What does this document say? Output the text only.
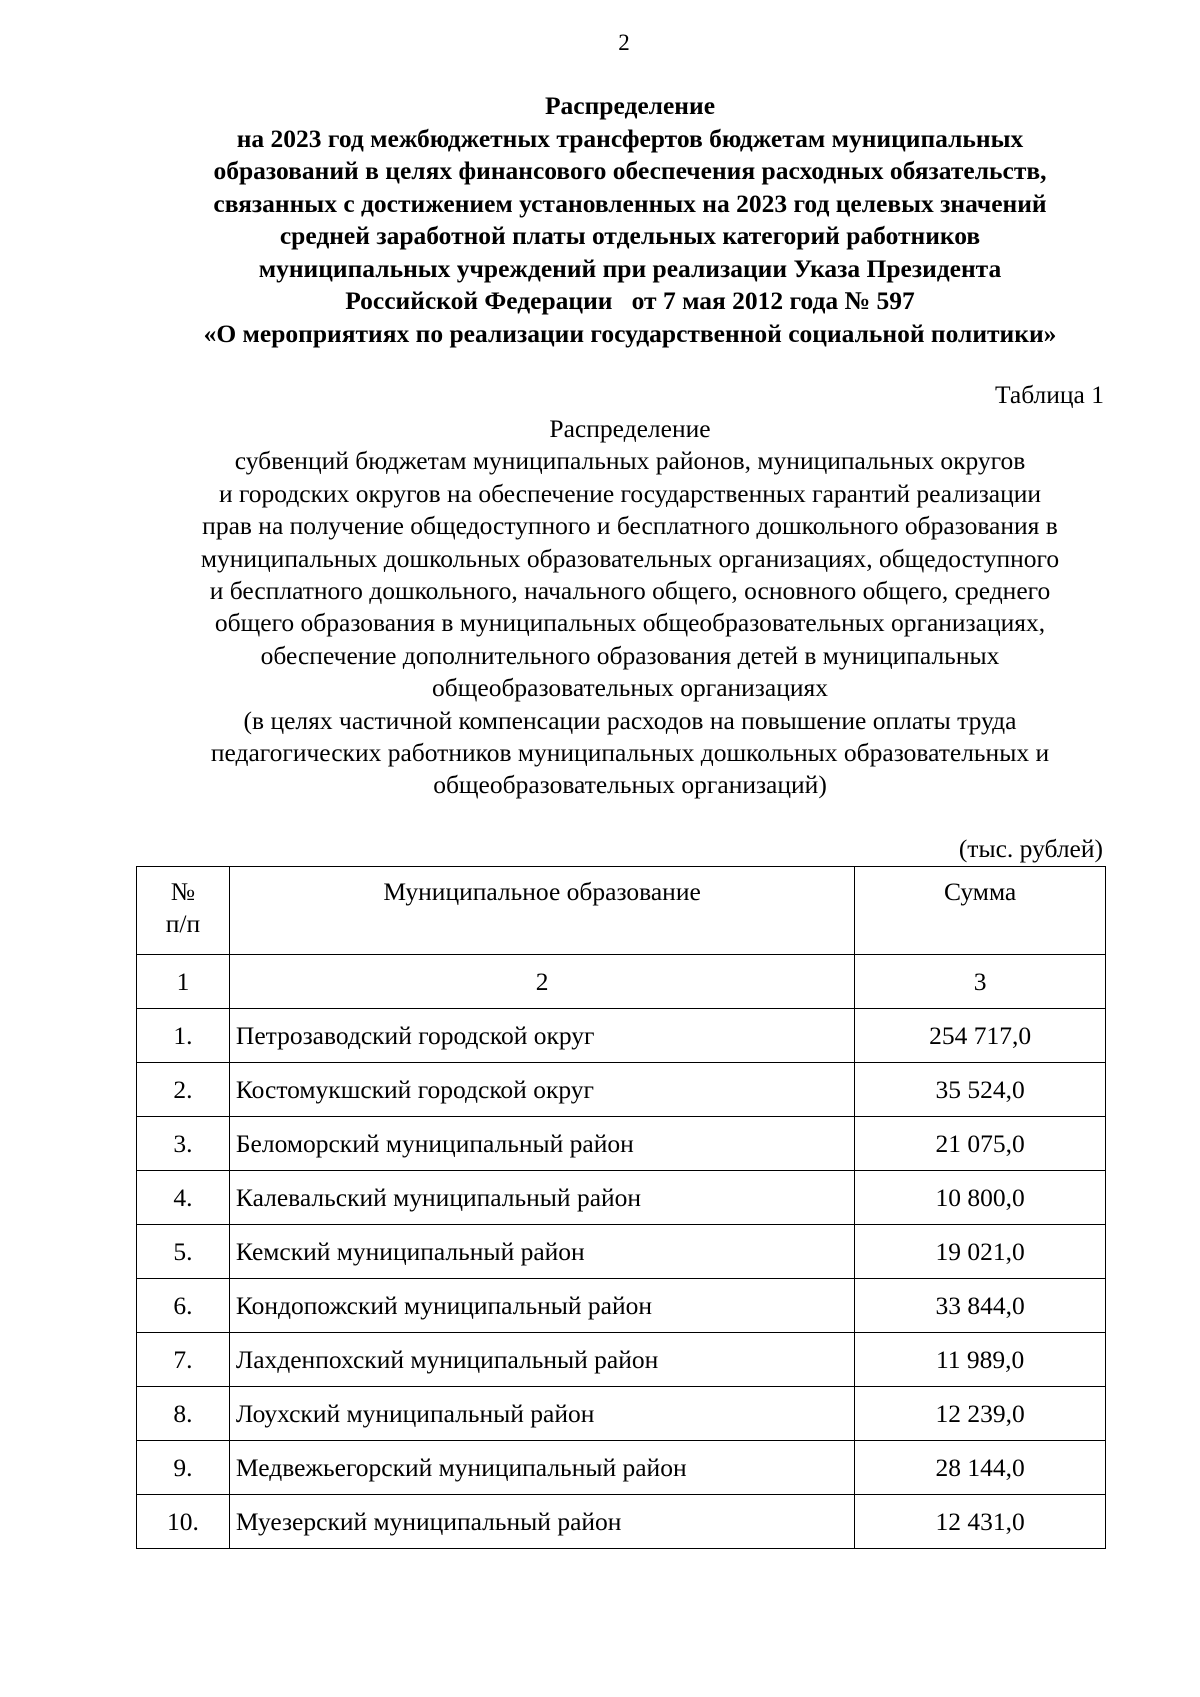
2
Распределение
на 2023 год межбюджетных трансфертов бюджетам муниципальных
образований в целях финансового обеспечения расходных обязательств,
связанных с достижением установленных на 2023 год целевых значений
средней заработной платы отдельных категорий работников
муниципальных учреждений при реализации Указа Президента
Российской Федерации   от 7 мая 2012 года № 597
«О мероприятиях по реализации государственной социальной политики»
Таблица 1
Распределение
субвенций бюджетам муниципальных районов, муниципальных округов
и городских округов на обеспечение государственных гарантий реализации
прав на получение общедоступного и бесплатного дошкольного образования в
муниципальных дошкольных образовательных организациях, общедоступного
и бесплатного дошкольного, начального общего, основного общего, среднего
общего образования в муниципальных общеобразовательных организациях,
обеспечение дополнительного образования детей в муниципальных
общеобразовательных организациях
(в целях частичной компенсации расходов на повышение оплаты труда
педагогических работников муниципальных дошкольных образовательных и
общеобразовательных организаций)
(тыс. рублей)
№
п/п	Муниципальное образование	Сумма
1	2	3
1.	Петрозаводский городской округ	254 717,0
2.	Костомукшский городской округ	35 524,0
3.	Беломорский муниципальный район	21 075,0
4.	Калевальский муниципальный район	10 800,0
5.	Кемский муниципальный район	19 021,0
6.	Кондопожский муниципальный район	33 844,0
7.	Лахденпохский муниципальный район	11 989,0
8.	Лоухский муниципальный район	12 239,0
9.	Медвежьегорский муниципальный район	28 144,0
10.	Муезерский муниципальный район	12 431,0
